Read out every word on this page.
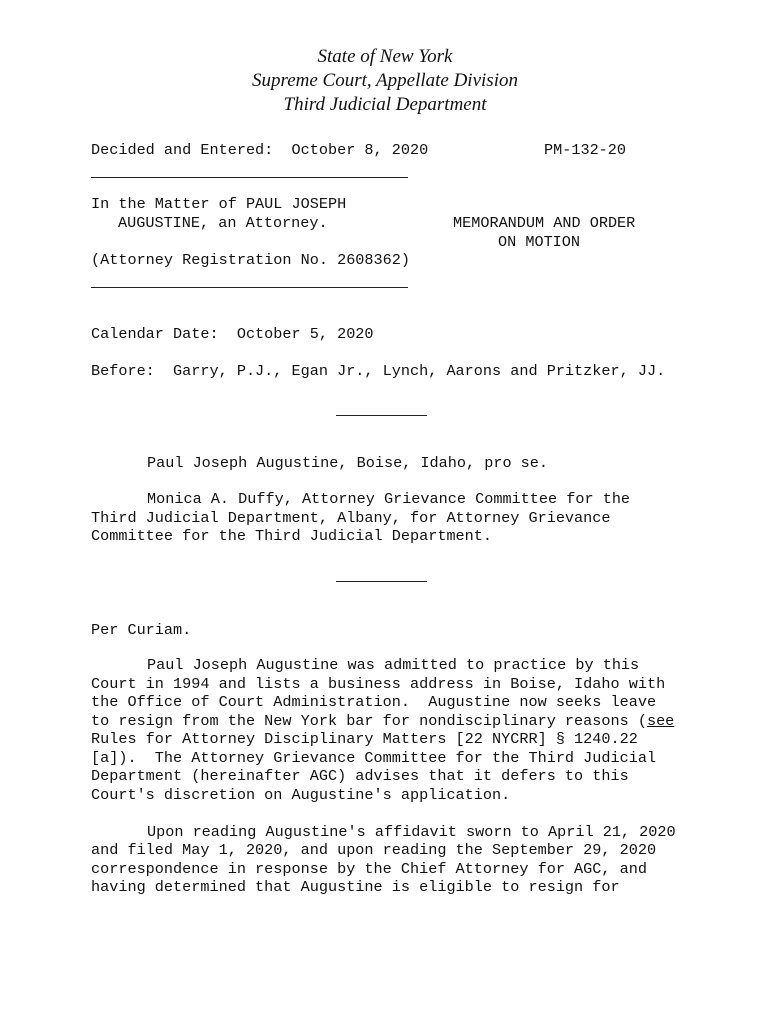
State of New York
Supreme Court, Appellate Division
Third Judicial Department
Decided and Entered:  October 8, 2020	PM-132-20
In the Matter of PAUL JOSEPH
AUGUSTINE, an Attorney.
(Attorney Registration No. 2608362)
MEMORANDUM AND ORDER
ON MOTION
Calendar Date:  October 5, 2020
Before:  Garry, P.J., Egan Jr., Lynch, Aarons and Pritzker, JJ.
Paul Joseph Augustine, Boise, Idaho, pro se.
Monica A. Duffy, Attorney Grievance Committee for the
Third Judicial Department, Albany, for Attorney Grievance
Committee for the Third Judicial Department.
Per Curiam.
Paul Joseph Augustine was admitted to practice by this
Court in 1994 and lists a business address in Boise, Idaho with
the Office of Court Administration.  Augustine now seeks leave
to resign from the New York bar for nondisciplinary reasons (see
Rules for Attorney Disciplinary Matters [22 NYCRR] § 1240.22
[a]).  The Attorney Grievance Committee for the Third Judicial
Department (hereinafter AGC) advises that it defers to this
Court's discretion on Augustine's application.
Upon reading Augustine's affidavit sworn to April 21, 2020
and filed May 1, 2020, and upon reading the September 29, 2020
correspondence in response by the Chief Attorney for AGC, and
having determined that Augustine is eligible to resign for
